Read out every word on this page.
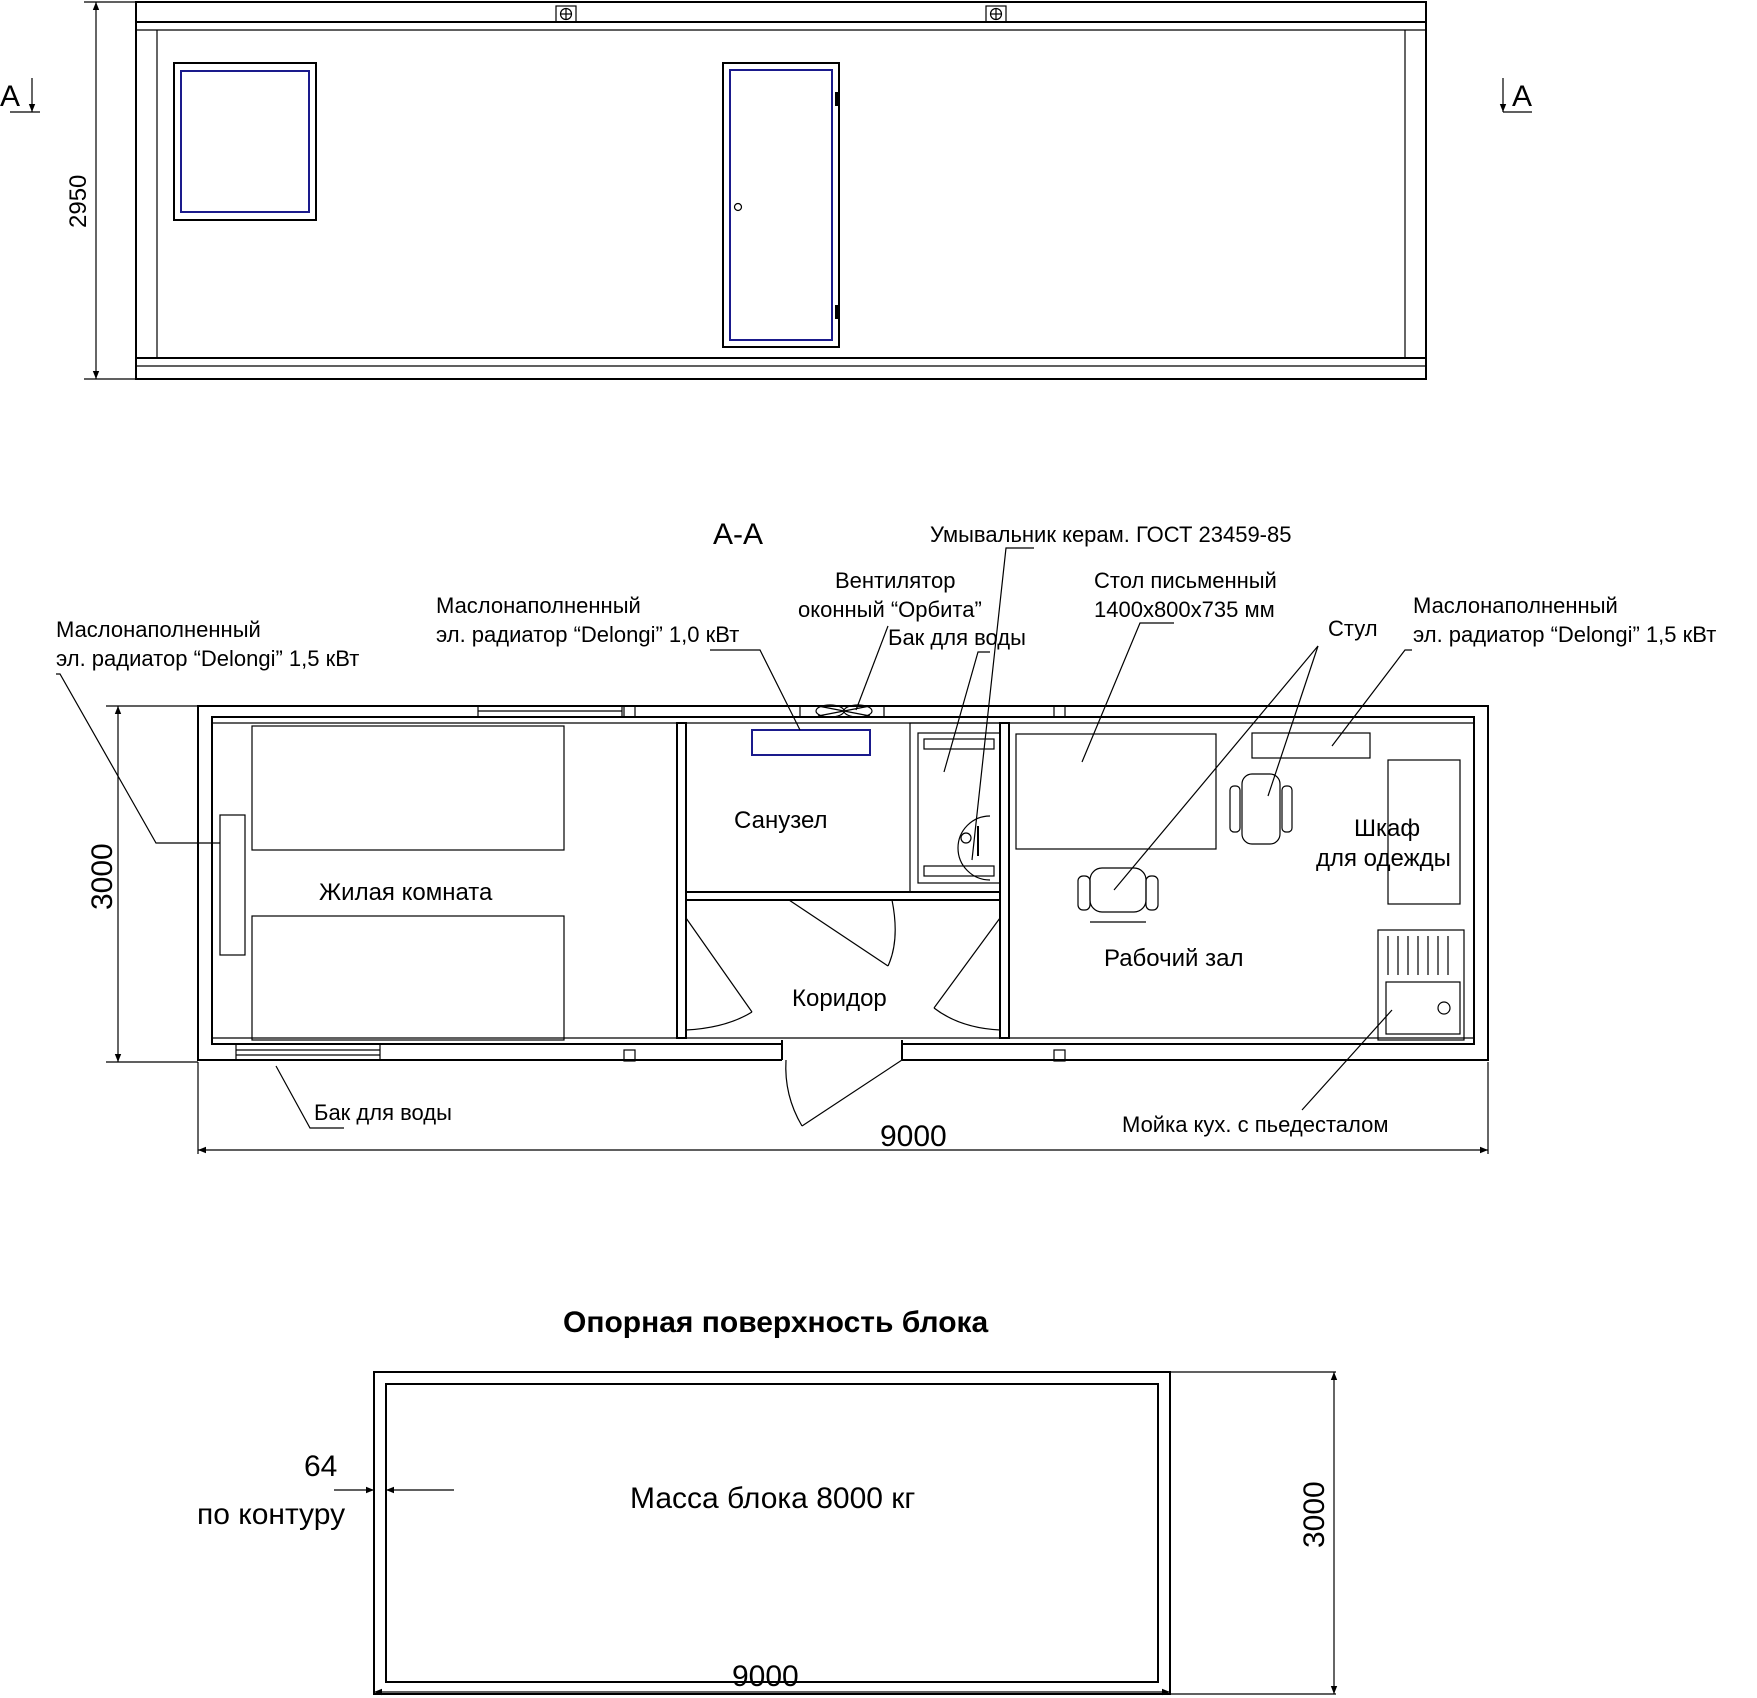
2950
A	A
A-A
Жилая комната
Санузел
Коридор
Рабочий зал
Шкаф
для одежды
3000
9000
Маслонаполненный
эл. радиатор “Delongi” 1,5 кВт
Маслонаполненный
эл. радиатор “Delongi” 1,0 кВт
Вентилятор
оконный “Орбита”
Бак для воды
Умывальник керам. ГОСТ 23459-85
Стол письменный
1400х800х735 мм
Стул
Маслонаполненный
эл. радиатор “Delongi” 1,5 кВт
Бак для воды	Мойка кух. с пьедесталом
Опорная поверхность блока
Масса блока 8000 кг
64
по контуру	3000
9000
